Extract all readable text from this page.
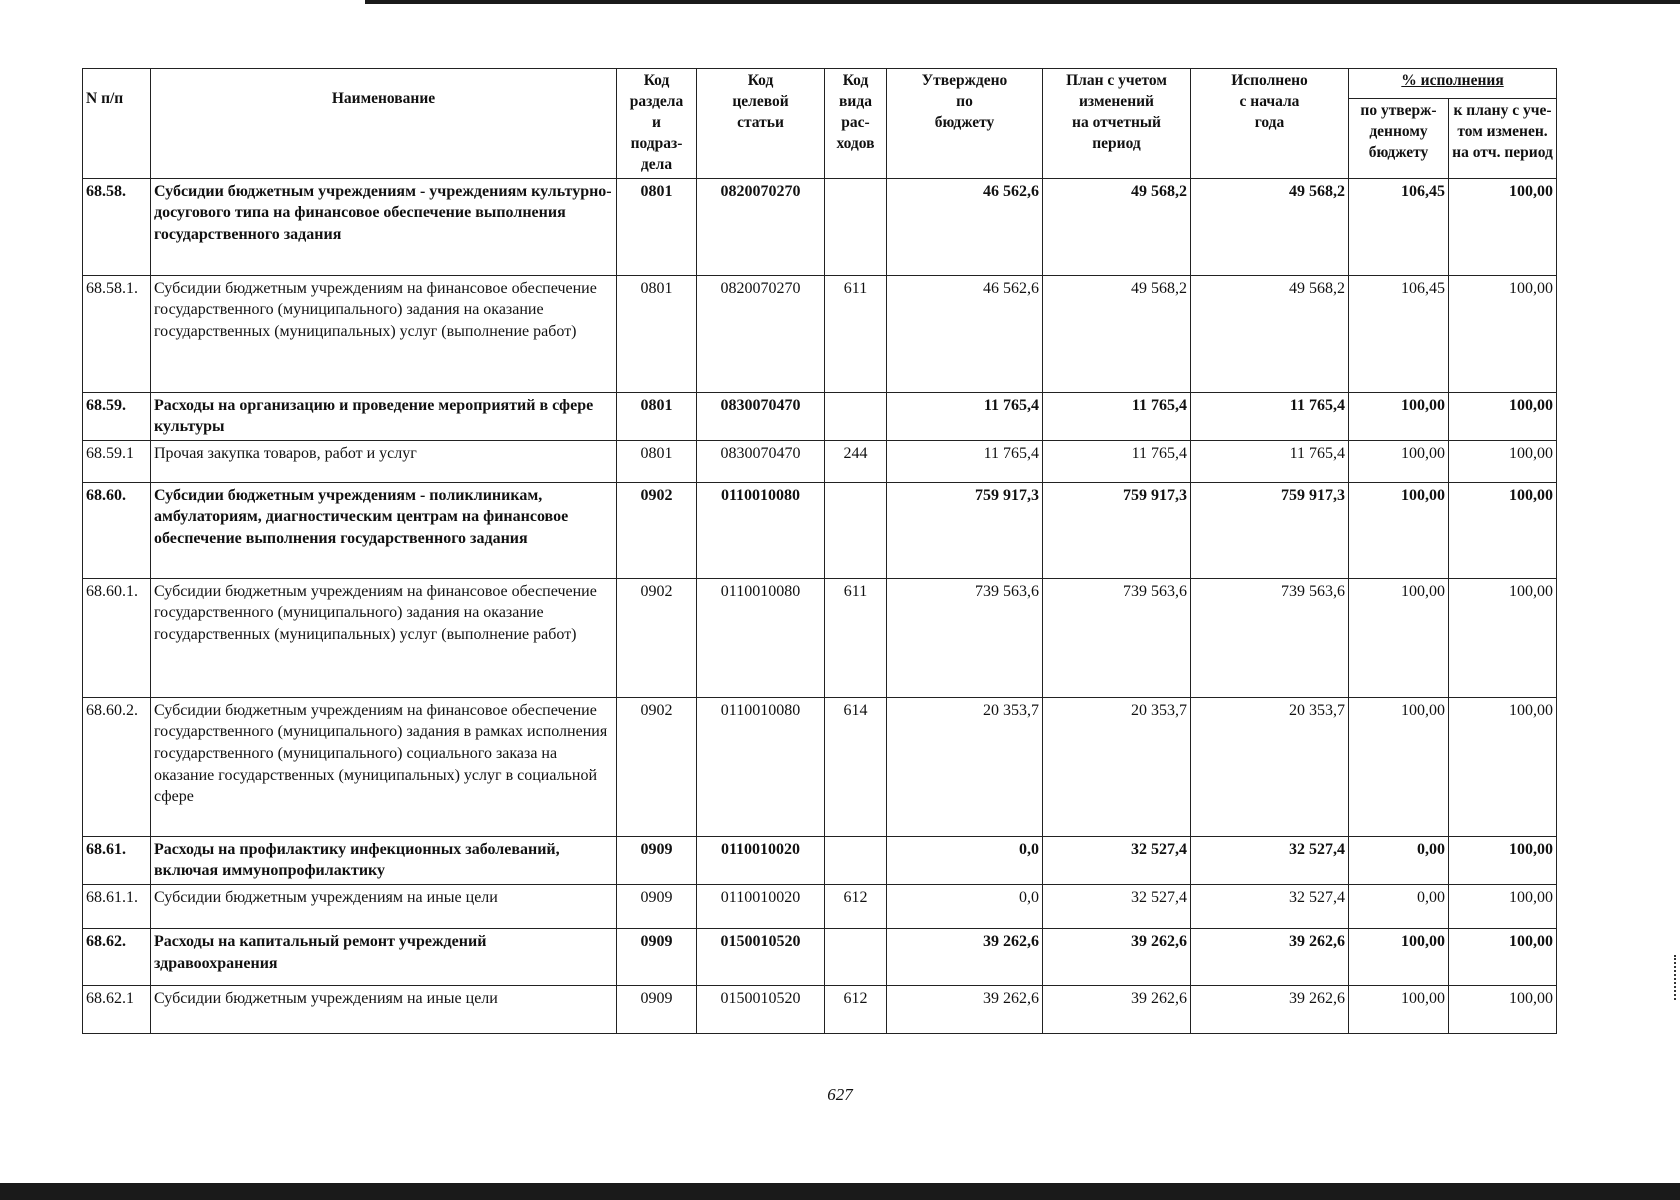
N п/п	Наименование	Код
раздела
и
подраз-
дела	Код
целевой
статьи	Код
вида
рас-
ходов	Утверждено
по
бюджету	План с учетом
изменений
на отчетный
период	Исполнено
с начала
года	% исполнения	

								по утверж-
денному
бюджету	к плану с уче-
том изменен.
на отч. период

68.58.	Субсидии бюджетным учреждениям - учреждениям культурно-досугового типа на финансовое обеспечение выполнения государственного задания	0801	0820070270		46 562,6	49 568,2	49 568,2	106,45	100,00
68.58.1.	Субсидии бюджетным учреждениям на финансовое обеспечение государственного (муниципального) задания на оказание государственных (муниципальных) услуг (выполнение работ)	0801	0820070270	611	46 562,6	49 568,2	49 568,2	106,45	100,00
68.59.	Расходы на организацию и проведение мероприятий в сфере культуры	0801	0830070470		11 765,4	11 765,4	11 765,4	100,00	100,00
68.59.1	Прочая закупка товаров, работ и услуг	0801	0830070470	244	11 765,4	11 765,4	11 765,4	100,00	100,00
68.60.	Субсидии бюджетным учреждениям - поликлиникам, амбулаториям, диагностическим центрам на финансовое обеспечение выполнения государственного задания	0902	0110010080		759 917,3	759 917,3	759 917,3	100,00	100,00
68.60.1.	Субсидии бюджетным учреждениям на финансовое обеспечение государственного (муниципального) задания на оказание государственных (муниципальных) услуг (выполнение работ)	0902	0110010080	611	739 563,6	739 563,6	739 563,6	100,00	100,00
68.60.2.	Субсидии бюджетным учреждениям на финансовое обеспечение государственного (муниципального) задания в рамках исполнения государственного (муниципального) социального заказа на оказание государственных (муниципальных) услуг в социальной сфере	0902	0110010080	614	20 353,7	20 353,7	20 353,7	100,00	100,00
68.61.	Расходы на профилактику инфекционных заболеваний, включая иммунопрофилактику	0909	0110010020		0,0	32 527,4	32 527,4	0,00	100,00
68.61.1.	Субсидии бюджетным учреждениям на иные цели	0909	0110010020	612	0,0	32 527,4	32 527,4	0,00	100,00
68.62.	Расходы на капитальный ремонт учреждений здравоохранения	0909	0150010520		39 262,6	39 262,6	39 262,6	100,00	100,00
68.62.1	Субсидии бюджетным учреждениям на иные цели	0909	0150010520	612	39 262,6	39 262,6	39 262,6	100,00	100,00
627
